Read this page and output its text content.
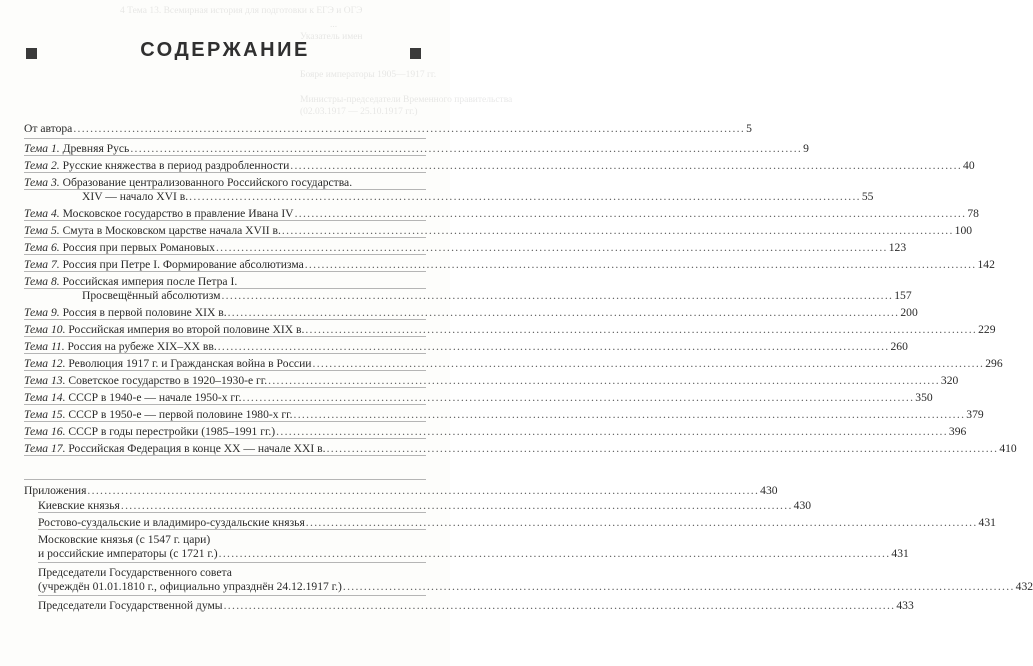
4 Тема 13. Всемирная история для подготовки к ЕГЭ и ОГЭ
...
Указатель имен
Бояре императоры 1905—1917 гг.
Министры-председатели Временного правительства
(02.03.1917 — 25.10.1917 гг.)
СОДЕРЖАНИЕ
От автора .....	5
Тема 1. Древняя Русь .....	9
Тема 2. Русские княжества в период раздробленности .....	40
Тема 3. Образование централизованного Российского государства.
XIV — начало XVI в. .....	55
Тема 4. Московское государство в правление Ивана IV .....	78
Тема 5. Смута в Московском царстве начала XVII в. .....	100
Тема 6. Россия при первых Романовых .....	123
Тема 7. Россия при Петре I. Формирование абсолютизма .....	142
Тема 8. Российская империя после Петра I.
Просвещённый абсолютизм .....	157
Тема 9. Россия в первой половине XIX в. .....	200
Тема 10. Российская империя во второй половине XIX в. .....	229
Тема 11. Россия на рубеже XIX–XX вв. .....	260
Тема 12. Революция 1917 г. и Гражданская война в России .....	296
Тема 13. Советское государство в 1920–1930-е гг. .....	320
Тема 14. СССР в 1940-е — начале 1950-х гг. .....	350
Тема 15. СССР в 1950-е — первой половине 1980-х гг. .....	379
Тема 16. СССР в годы перестройки (1985–1991 гг.) .....	396
Тема 17. Российская Федерация в конце XX — начале XXI в. .....	410
Приложения .....	430
Киевские князья .....	430
Ростово-суздальские и владимиро-суздальские князья .....	431
Московские князья (с 1547 г. цари)
и российские императоры (с 1721 г.) .....	431
Председатели Государственного совета
(учреждён 01.01.1810 г., официально упразднён 24.12.1917 г.) .....	432
Председатели Государственной думы .....	433
